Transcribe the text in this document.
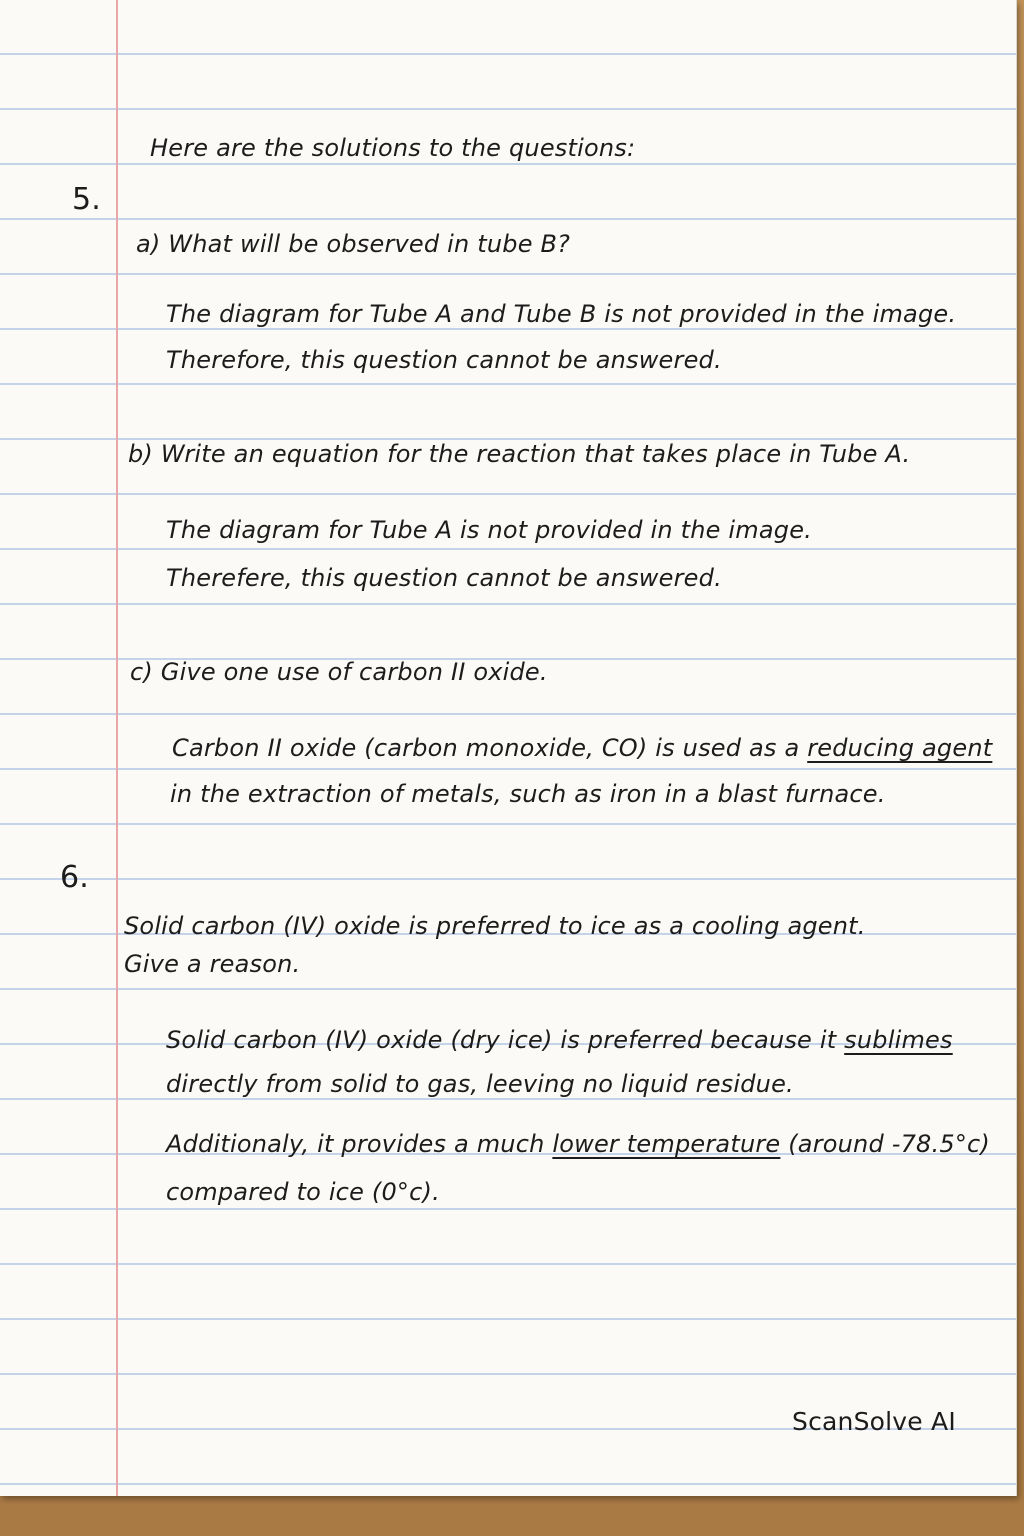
Here are the solutions to the questions:

5.

a) What will be observed in tube B?

The diagram for Tube A and Tube B is not provided in the image.

Therefore, this question cannot be answered.

b) Write an equation for the reaction that takes place in Tube A.

The diagram for Tube A is not provided in the image.

Therefere, this question cannot be answered.

c) Give one use of carbon II oxide.

Carbon II oxide (carbon monoxide, CO) is used as a reducing agent

in the extraction of metals, such as iron in a blast furnace.

6.

Solid carbon (IV) oxide is preferred to ice as a cooling agent.

Give a reason.

Solid carbon (IV) oxide (dry ice) is preferred because it sublimes

directly from solid to gas, leeving no liquid residue.

Additionaly, it provides a much lower temperature (around -78.5°c)

compared to ice (0°c).

ScanSolve AI
